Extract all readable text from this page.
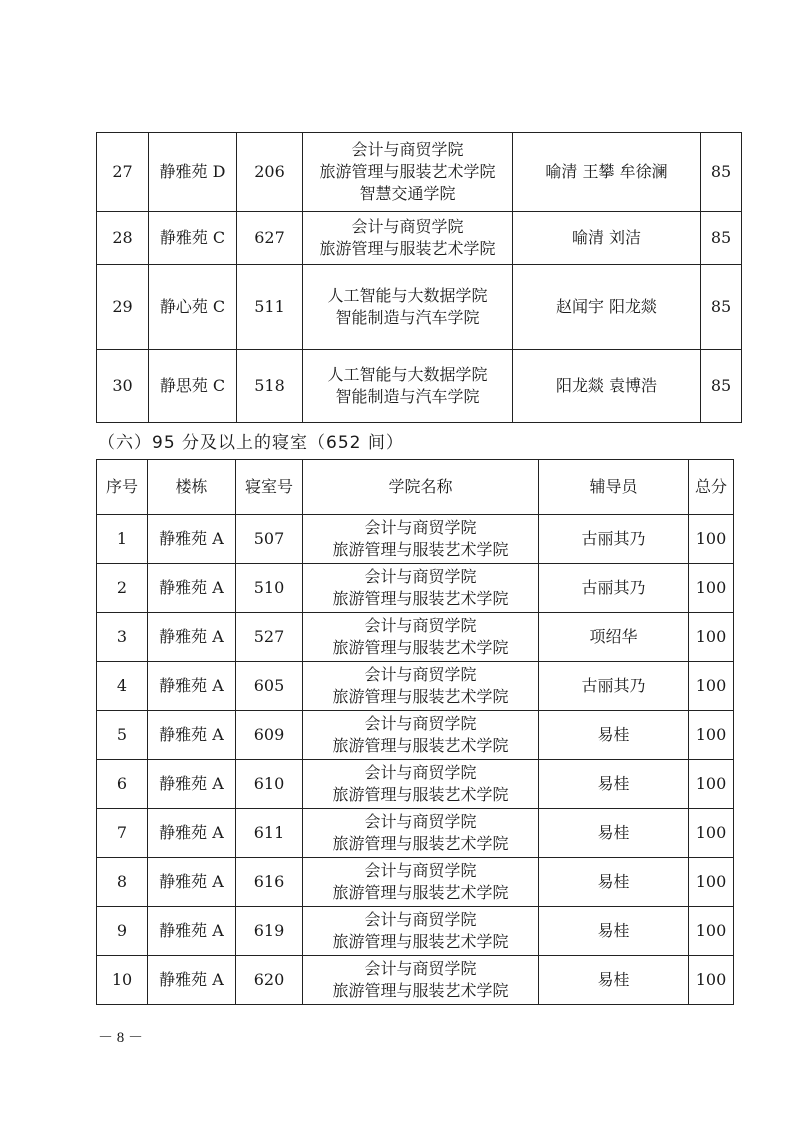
27	静雅苑 D	206	会计与商贸学院
旅游管理与服装艺术学院
智慧交通学院	喻清 王攀 牟徐澜	85
28	静雅苑 C	627	会计与商贸学院
旅游管理与服装艺术学院	喻清 刘洁	85
29	静心苑 C	511	人工智能与大数据学院
智能制造与汽车学院	赵闻宇 阳龙燚	85
30	静思苑 C	518	人工智能与大数据学院
智能制造与汽车学院	阳龙燚 袁博浩	85

（六）95 分及以上的寝室（652 间）

序号	楼栋	寝室号	学院名称	辅导员	总分
1	静雅苑 A	507	会计与商贸学院
旅游管理与服装艺术学院	古丽其乃	100
2	静雅苑 A	510	会计与商贸学院
旅游管理与服装艺术学院	古丽其乃	100
3	静雅苑 A	527	会计与商贸学院
旅游管理与服装艺术学院	项绍华	100
4	静雅苑 A	605	会计与商贸学院
旅游管理与服装艺术学院	古丽其乃	100
5	静雅苑 A	609	会计与商贸学院
旅游管理与服装艺术学院	易桂	100
6	静雅苑 A	610	会计与商贸学院
旅游管理与服装艺术学院	易桂	100
7	静雅苑 A	611	会计与商贸学院
旅游管理与服装艺术学院	易桂	100
8	静雅苑 A	616	会计与商贸学院
旅游管理与服装艺术学院	易桂	100
9	静雅苑 A	619	会计与商贸学院
旅游管理与服装艺术学院	易桂	100
10	静雅苑 A	620	会计与商贸学院
旅游管理与服装艺术学院	易桂	100
－ 8 －
